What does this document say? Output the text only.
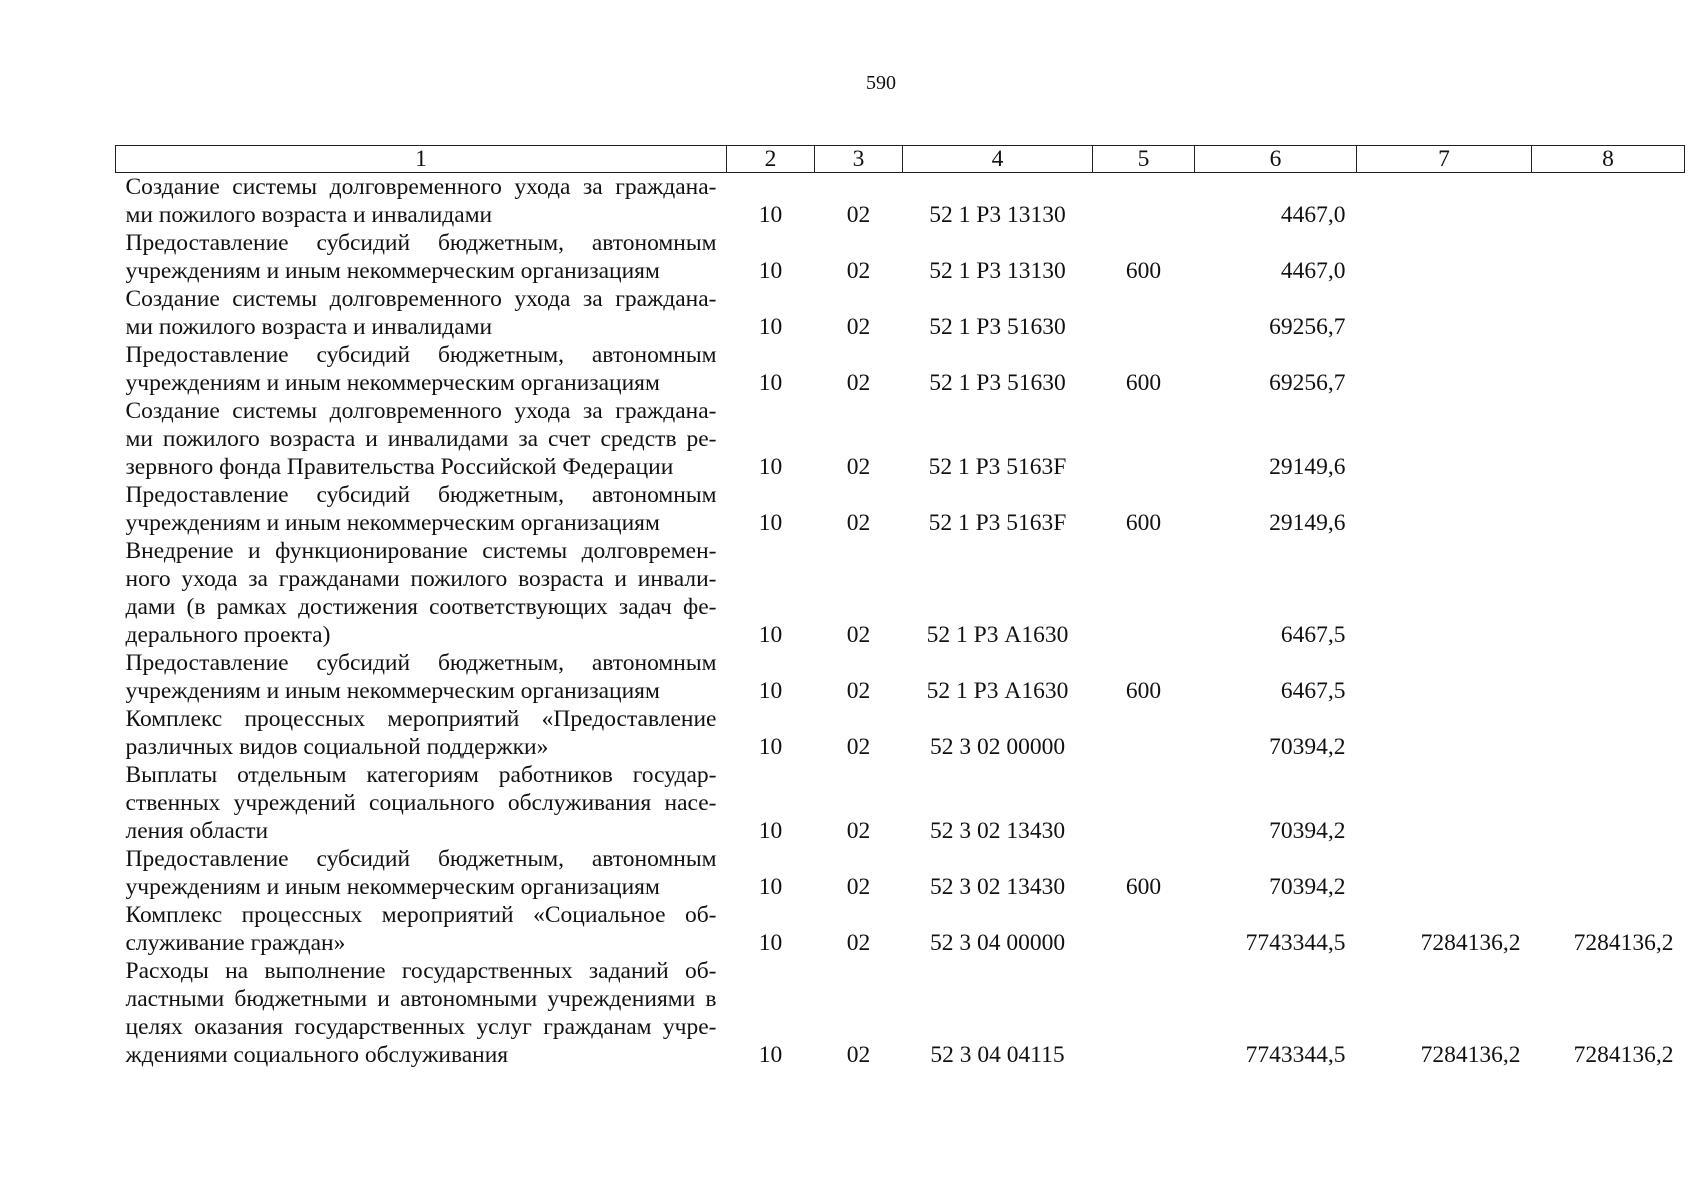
590
1	2	3	4	5	6	7	8

Создание системы долговременного ухода за граждана-
ми пожилого возраста и инвалидами	10	02	52 1 Р3 13130		4467,0		

Предоставление субсидий бюджетным, автономным
учреждениям и иным некоммерческим организациям	10	02	52 1 Р3 13130	600	4467,0		

Создание системы долговременного ухода за граждана-
ми пожилого возраста и инвалидами	10	02	52 1 Р3 51630		69256,7		

Предоставление субсидий бюджетным, автономным
учреждениям и иным некоммерческим организациям	10	02	52 1 Р3 51630	600	69256,7		

Создание системы долговременного ухода за граждана-
ми пожилого возраста и инвалидами за счет средств ре-
зервного фонда Правительства Российской Федерации	10	02	52 1 Р3 5163F		29149,6		

Предоставление субсидий бюджетным, автономным
учреждениям и иным некоммерческим организациям	10	02	52 1 Р3 5163F	600	29149,6		

Внедрение и функционирование системы долговремен-
ного ухода за гражданами пожилого возраста и инвали-
дами (в рамках достижения соответствующих задач фе-
дерального проекта)	10	02	52 1 Р3 А1630		6467,5		

Предоставление субсидий бюджетным, автономным
учреждениям и иным некоммерческим организациям	10	02	52 1 Р3 А1630	600	6467,5		

Комплекс процессных мероприятий «Предоставление
различных видов социальной поддержки»	10	02	52 3 02 00000		70394,2		

Выплаты отдельным категориям работников государ-
ственных учреждений социального обслуживания насе-
ления области	10	02	52 3 02 13430		70394,2		

Предоставление субсидий бюджетным, автономным
учреждениям и иным некоммерческим организациям	10	02	52 3 02 13430	600	70394,2		

Комплекс процессных мероприятий «Социальное об-
служивание граждан»	10	02	52 3 04 00000		7743344,5	7284136,2	7284136,2

Расходы на выполнение государственных заданий об-
ластными бюджетными и автономными учреждениями в
целях оказания государственных услуг гражданам учре-
ждениями социального обслуживания	10	02	52 3 04 04115		7743344,5	7284136,2	7284136,2
